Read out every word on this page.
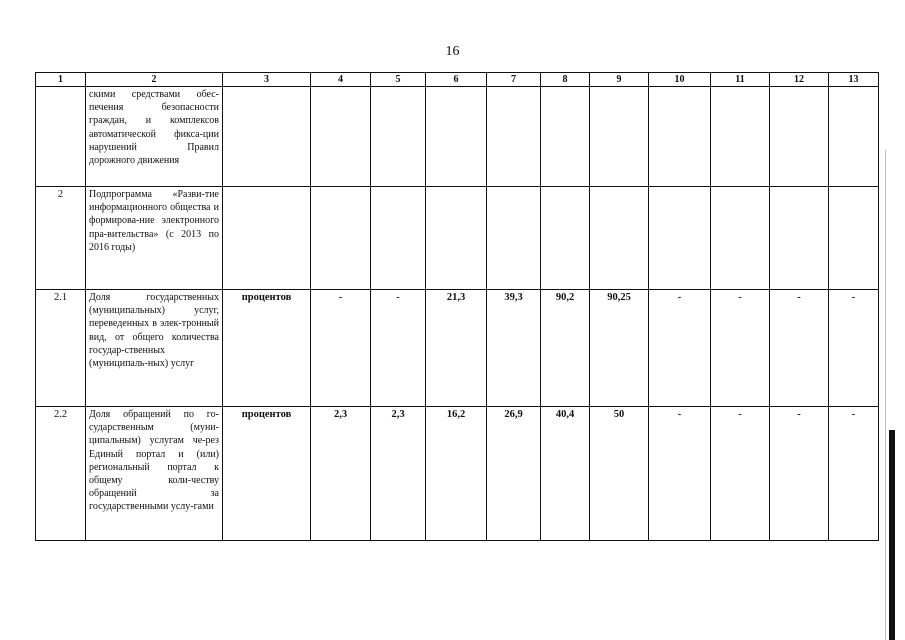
16
1	2	3	4	5	6	7	8	9	10	11	12	13
	скими средствами обес-печения безопасности граждан, и комплексов автоматической фикса-ции нарушений Правил дорожного движения											
2	Подпрограмма «Разви-тие информационного общества и формирова-ние электронного пра-вительства» (с 2013 по 2016 годы)											
2.1	Доля государственных (муниципальных) услуг, переведенных в элек-тронный вид, от общего количества государ-ственных (муниципаль-ных) услуг	процентов	-	-	21,3	39,3	90,2	90,25	-	-	-	-
2.2	Доля обращений по го-сударственным (муни-ципальным) услугам че-рез Единый портал и (или) региональный портал к общему коли-честву обращений за государственными услу-гами	процентов	2,3	2,3	16,2	26,9	40,4	50	-	-	-	-
